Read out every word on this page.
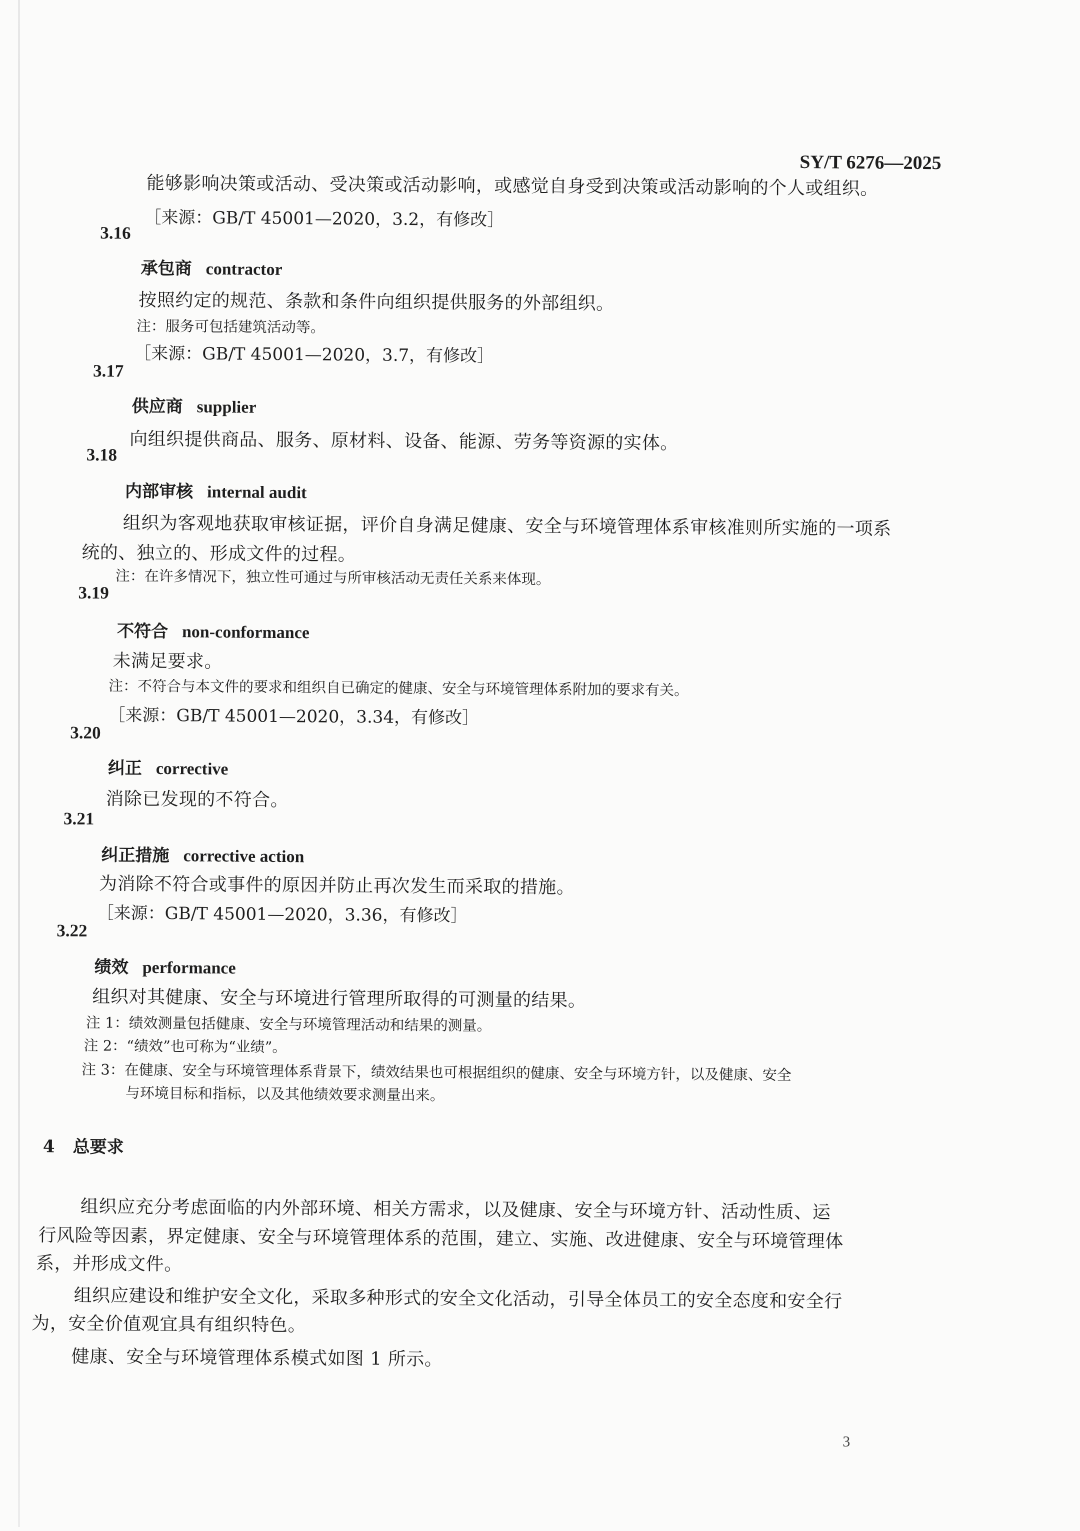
SY/T 6276—2025
能够影响决策或活动、受决策或活动影响，或感觉自身受到决策或活动影响的个人或组织。
［来源：GB/T 45001—2020，3.2，有修改］
3.16
承包商 contractor
按照约定的规范、条款和条件向组织提供服务的外部组织。
注：服务可包括建筑活动等。
［来源：GB/T 45001—2020，3.7，有修改］
3.17
供应商 supplier
向组织提供商品、服务、原材料、设备、能源、劳务等资源的实体。
3.18
内部审核 internal audit
组织为客观地获取审核证据，评价自身满足健康、安全与环境管理体系审核准则所实施的一项系
统的、独立的、形成文件的过程。
注：在许多情况下，独立性可通过与所审核活动无责任关系来体现。
3.19
不符合 non-conformance
未满足要求。
注：不符合与本文件的要求和组织自已确定的健康、安全与环境管理体系附加的要求有关。
［来源：GB/T 45001—2020，3.34，有修改］
3.20
纠正 corrective
消除已发现的不符合。
3.21
纠正措施 corrective action
为消除不符合或事件的原因并防止再次发生而采取的措施。
［来源：GB/T 45001—2020，3.36，有修改］
3.22
绩效 performance
组织对其健康、安全与环境进行管理所取得的可测量的结果。
注 1：绩效测量包括健康、安全与环境管理活动和结果的测量。
注 2：“绩效”也可称为“业绩”。
注 3：在健康、安全与环境管理体系背景下，绩效结果也可根据组织的健康、安全与环境方针，以及健康、安全
与环境目标和指标，以及其他绩效要求测量出来。
4 总要求
组织应充分考虑面临的内外部环境、相关方需求，以及健康、安全与环境方针、活动性质、运
行风险等因素，界定健康、安全与环境管理体系的范围，建立、实施、改进健康、安全与环境管理体
系，并形成文件。
组织应建设和维护安全文化，采取多种形式的安全文化活动，引导全体员工的安全态度和安全行
为，安全价值观宜具有组织特色。
健康、安全与环境管理体系模式如图 1 所示。
3
